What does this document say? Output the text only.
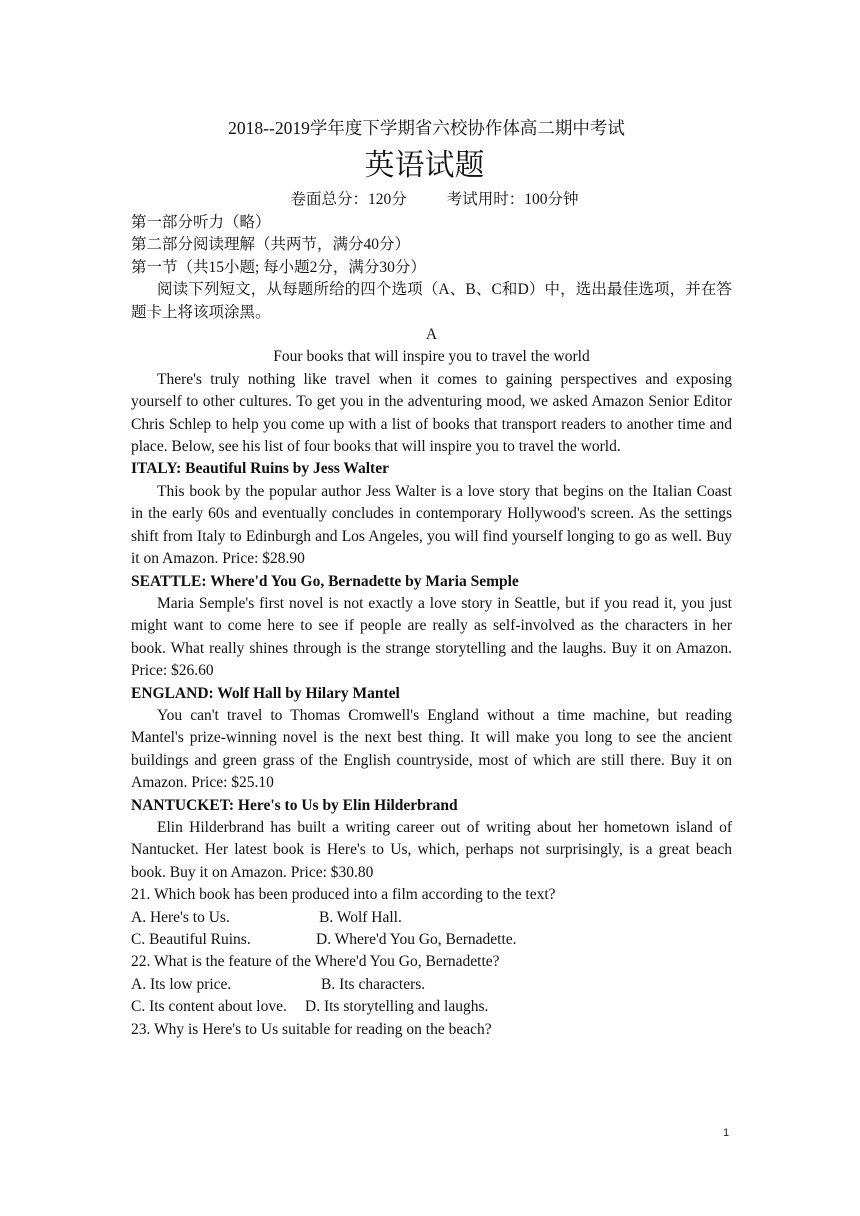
2018--2019学年度下学期省六校协作体高二期中考试
英语试题
卷面总分：120分	考试用时：100分钟

第一部分听力（略）

第二部分阅读理解（共两节，满分40分）

第一节（共15小题; 每小题2分，满分30分）

阅读下列短文，从每题所给的四个选项（A、B、C和D）中，选出最佳选项，并在答题卡上将该项涂黑。

A

Four books that will inspire you to travel the world

There's truly nothing like travel when it comes to gaining perspectives and exposing yourself to other cultures. To get you in the adventuring mood, we asked Amazon Senior Editor Chris Schlep to help you come up with a list of books that transport readers to another time and place. Below, see his list of four books that will inspire you to travel the world.

ITALY: Beautiful Ruins by Jess Walter

This book by the popular author Jess Walter is a love story that begins on the Italian Coast in the early 60s and eventually concludes in contemporary Hollywood's screen. As the settings shift from Italy to Edinburgh and Los Angeles, you will find yourself longing to go as well. Buy it on Amazon. Price: $28.90

SEATTLE: Where'd You Go, Bernadette by Maria Semple

Maria Semple's first novel is not exactly a love story in Seattle, but if you read it, you just might want to come here to see if people are really as self-involved as the characters in her book. What really shines through is the strange storytelling and the laughs. Buy it on Amazon. Price: $26.60

ENGLAND: Wolf Hall by Hilary Mantel

You can't travel to Thomas Cromwell's England without a time machine, but reading Mantel's prize-winning novel is the next best thing. It will make you long to see the ancient buildings and green grass of the English countryside, most of which are still there. Buy it on Amazon. Price: $25.10

NANTUCKET: Here's to Us by Elin Hilderbrand

Elin Hilderbrand has built a writing career out of writing about her hometown island of Nantucket. Her latest book is Here's to Us, which, perhaps not surprisingly, is a great beach book. Buy it on Amazon. Price: $30.80

21. Which book has been produced into a film according to the text?

A. Here's to Us.	B. Wolf Hall.
C. Beautiful Ruins.	D. Where'd You Go, Bernadette.

22. What is the feature of the Where'd You Go, Bernadette?

A. Its low price.	B. Its characters.
C. Its content about love.	D. Its storytelling and laughs.

23. Why is Here's to Us suitable for reading on the beach?

1
